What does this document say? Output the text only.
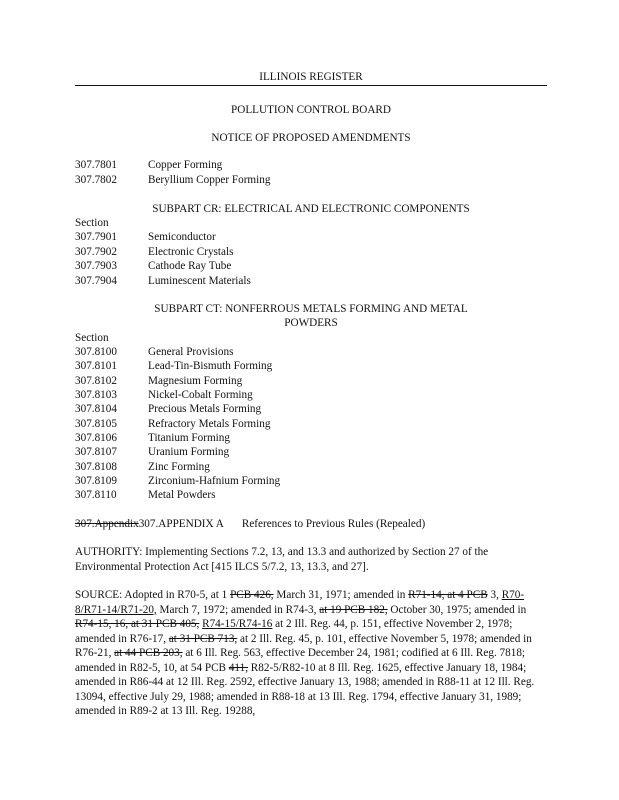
ILLINOIS REGISTER
POLLUTION CONTROL BOARD
NOTICE OF PROPOSED AMENDMENTS
307.7801	Copper Forming
307.7802	Beryllium Copper Forming
SUBPART CR: ELECTRICAL AND ELECTRONIC COMPONENTS
Section
307.7901	Semiconductor
307.7902	Electronic Crystals
307.7903	Cathode Ray Tube
307.7904	Luminescent Materials
SUBPART CT: NONFERROUS METALS FORMING AND METAL
POWDERS
Section
307.8100	General Provisions
307.8101	Lead-Tin-Bismuth Forming
307.8102	Magnesium Forming
307.8103	Nickel-Cobalt Forming
307.8104	Precious Metals Forming
307.8105	Refractory Metals Forming
307.8106	Titanium Forming
307.8107	Uranium Forming
307.8108	Zinc Forming
307.8109	Zirconium-Hafnium Forming
307.8110	Metal Powders
307.Appendix307.APPENDIX A References to Previous Rules (Repealed)

AUTHORITY: Implementing Sections 7.2, 13, and 13.3 and authorized by Section 27 of the Environmental Protection Act [415 ILCS 5/7.2, 13, 13.3, and 27].

SOURCE: Adopted in R70-5, at 1 PCB 426, March 31, 1971; amended in R71-14, at 4 PCB 3, R70-8/R71-14/R71-20, March 7, 1972; amended in R74-3, at 19 PCB 182, October 30, 1975; amended in R74-15, 16, at 31 PCB 405, R74-15/R74-16 at 2 Ill. Reg. 44, p. 151, effective November 2, 1978; amended in R76-17, at 31 PCB 713, at 2 Ill. Reg. 45, p. 101, effective November 5, 1978; amended in R76-21, at 44 PCB 203, at 6 Ill. Reg. 563, effective December 24, 1981; codified at 6 Ill. Reg. 7818; amended in R82-5, 10, at 54 PCB 411, R82-5/R82-10 at 8 Ill. Reg. 1625, effective January 18, 1984; amended in R86-44 at 12 Ill. Reg. 2592, effective January 13, 1988; amended in R88-11 at 12 Ill. Reg. 13094, effective July 29, 1988; amended in R88-18 at 13 Ill. Reg. 1794, effective January 31, 1989; amended in R89-2 at 13 Ill. Reg. 19288,
